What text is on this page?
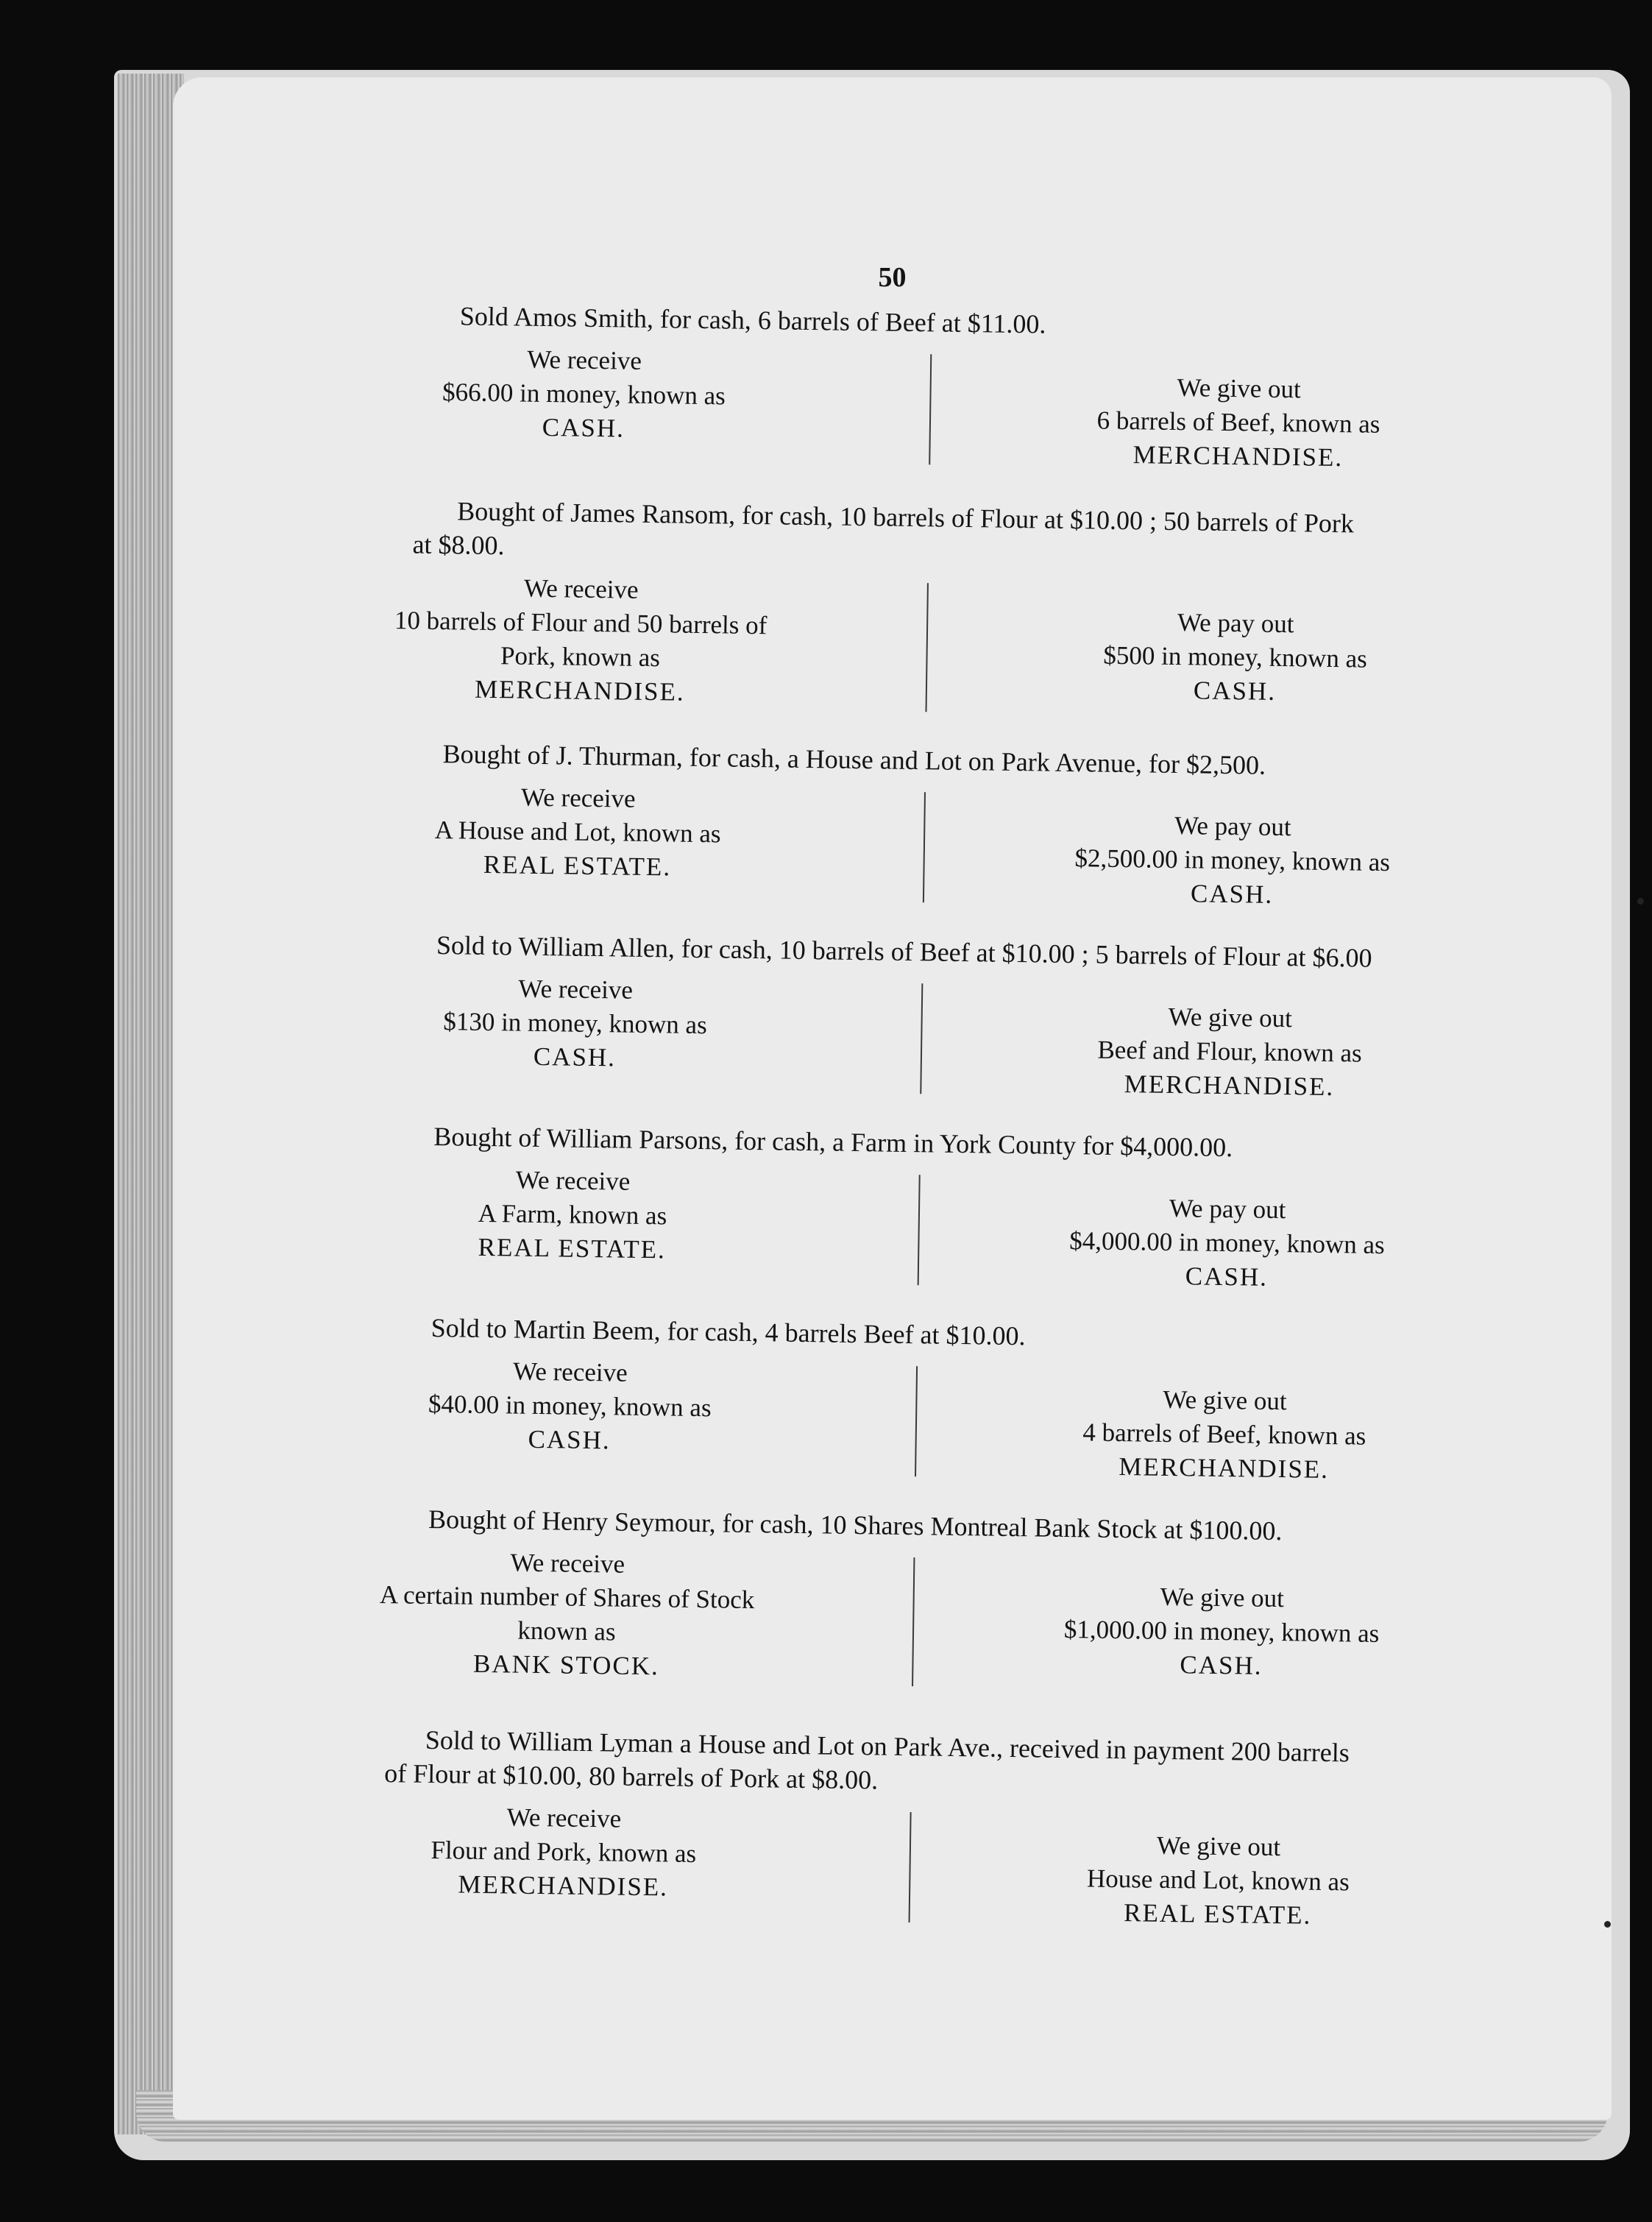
50
Sold Amos Smith, for cash, 6 barrels of Beef at $11.00.
We receive
$66.00 in money, known as
CASH.
We give out
6 barrels of Beef, known as
MERCHANDISE.
Bought of James Ransom, for cash, 10 barrels of Flour at $10.00 ; 50 barrels of Pork
at $8.00.
We receive
10 barrels of Flour and 50 barrels of
Pork, known as
MERCHANDISE.
We pay out
$500 in money, known as
CASH.
Bought of J. Thurman, for cash, a House and Lot on Park Avenue, for $2,500.
We receive
A House and Lot, known as
REAL ESTATE.
We pay out
$2,500.00 in money, known as
CASH.
Sold to William Allen, for cash, 10 barrels of Beef at $10.00 ; 5 barrels of Flour at $6.00
We receive
$130 in money, known as
CASH.
We give out
Beef and Flour, known as
MERCHANDISE.
Bought of William Parsons, for cash, a Farm in York County for $4,000.00.
We receive
A Farm, known as
REAL ESTATE.
We pay out
$4,000.00 in money, known as
CASH.
Sold to Martin Beem, for cash, 4 barrels Beef at $10.00.
We receive
$40.00 in money, known as
CASH.
We give out
4 barrels of Beef, known as
MERCHANDISE.
Bought of Henry Seymour, for cash, 10 Shares Montreal Bank Stock at $100.00.
We receive
A certain number of Shares of Stock
known as
BANK STOCK.
We give out
$1,000.00 in money, known as
CASH.
Sold to William Lyman a House and Lot on Park Ave., received in payment 200 barrels
of Flour at $10.00, 80 barrels of Pork at $8.00.
We receive
Flour and Pork, known as
MERCHANDISE.
We give out
House and Lot, known as
REAL ESTATE.
